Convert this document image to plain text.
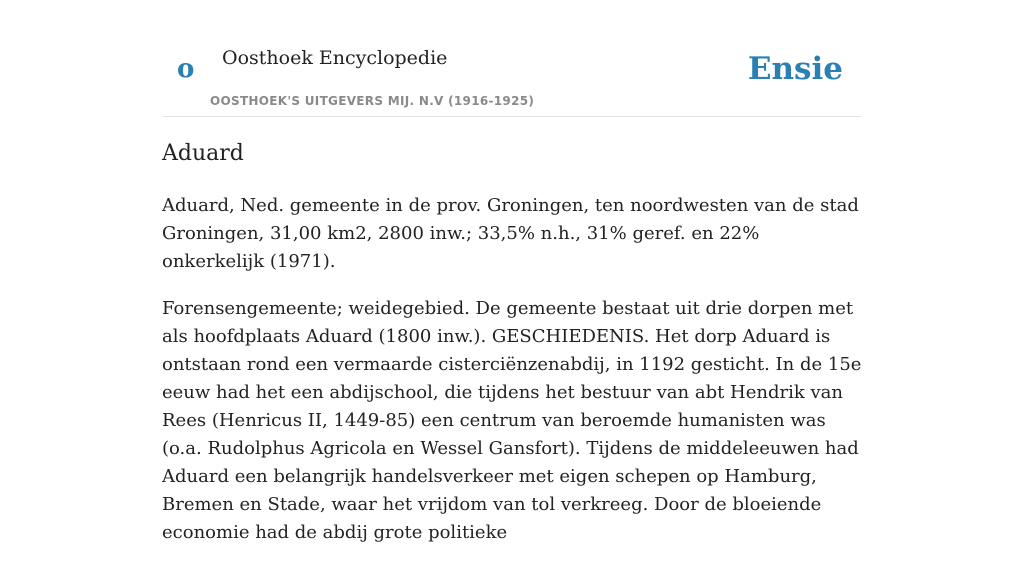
o Oosthoek Encyclopedie
OOSTHOEK'S UITGEVERS MIJ. N.V (1916-1925)
Ensie
Aduard

Aduard, Ned. gemeente in de prov. Groningen, ten noordwesten van de stad Groningen, 31,00 km2, 2800 inw.; 33,5% n.h., 31% geref. en 22% onkerkelijk (1971).

Forensengemeente; weidegebied. De gemeente bestaat uit drie dorpen met als hoofdplaats Aduard (1800 inw.). GESCHIEDENIS. Het dorp Aduard is ontstaan rond een vermaarde cisterciënzenabdij, in 1192 gesticht. In de 15e eeuw had het een abdijschool, die tijdens het bestuur van abt Hendrik van Rees (Henricus II, 1449-85) een centrum van beroemde humanisten was (o.a. Rudolphus Agricola en Wessel Gansfort). Tijdens de middeleeuwen had Aduard een belangrijk handelsverkeer met eigen schepen op Hamburg, Bremen en Stade, waar het vrijdom van tol verkreeg. Door de bloeiende economie had de abdij grote politieke
